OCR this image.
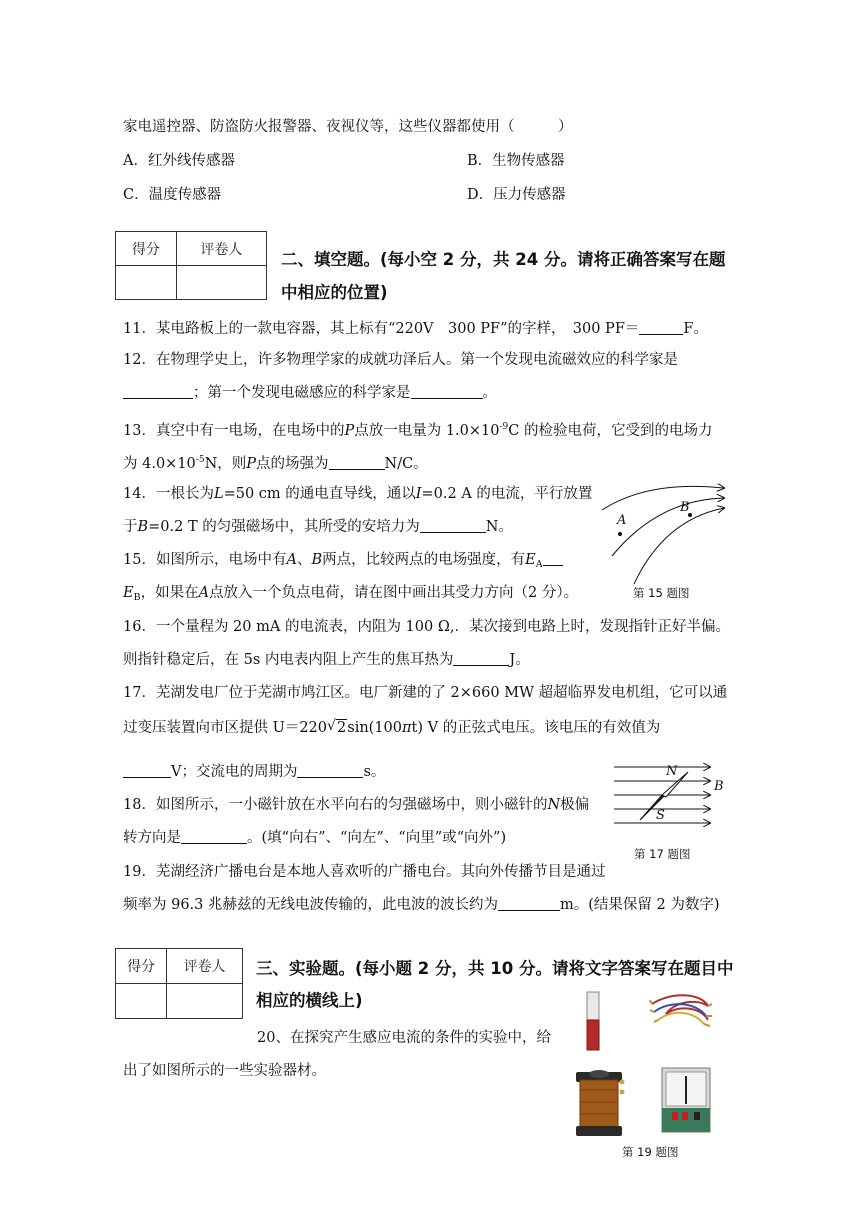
家电遥控器、防盗防火报警器、夜视仪等，这些仪器都使用（　　　）
A．红外线传感器	B．生物传感器
C．温度传感器	D．压力传感器
得分	评卷人

二、填空题。(每小空 2 分，共 24 分。请将正确答案写在题
中相应的位置)
11．某电路板上的一款电容器，其上标有“220V　300 PF”的字样，　300 PF＝	F。
12．在物理学史上，许多物理学家的成就功泽后人。第一个发现电流磁效应的科学家是
；第一个发现电磁感应的科学家是	。
13．真空中有一电场，在电场中的P点放一电量为 $1.0\times 10^{-9}C$ 的检验电荷，它受到的电场力
为 $4.0\times 10^{-5}N$，则P点的场强为	N/C。
14．一根长为L=50 cm 的通电直导线，通以I=0.2 A 的电流，平行放置
于B=0.2 T 的匀强磁场中，其所受的安培力为	N。
15．如图所示，电场中有A、B两点，比较两点的电场强度，有$E_A$
$E_B$，如果在A点放入一个负点电荷，请在图中画出其受力方向（2 分）。
A
B
第 15 题图
16．一个量程为 20 mA 的电流表，内阻为 100 Ω,．某次接到电路上时，发现指针正好半偏。
则指针稳定后，在 5s 内电表内阻上产生的焦耳热为	J。
17．芜湖发电厂位于芜湖市鸠江区。电厂新建的了 2×660 MW 超超临界发电机组，它可以通
过变压装置向市区提供 U＝220 √ 2sin(100πt) V 的正弦式电压。该电压的有效值为
V；交流电的周期为	s。	N
B
S
第 17 题图
18．如图所示，一小磁针放在水平向右的匀强磁场中，则小磁针的N极偏
转方向是	。(填“向右”、“向左”、“向里”或“向外”)
19．芜湖经济广播电台是本地人喜欢听的广播电台。其向外传播节目是通过
频率为 96.3 兆赫兹的无线电波传输的，此电波的波长约为	m。(结果保留 2 为数字)
得分	评卷人
	三、实验题。(每小题 2 分，共 10 分。请将文字答案写在题目中
相应的横线上)
20、在探究产生感应电流的条件的实验中，给
出了如图所示的一些实验器材。
第 19 题图
